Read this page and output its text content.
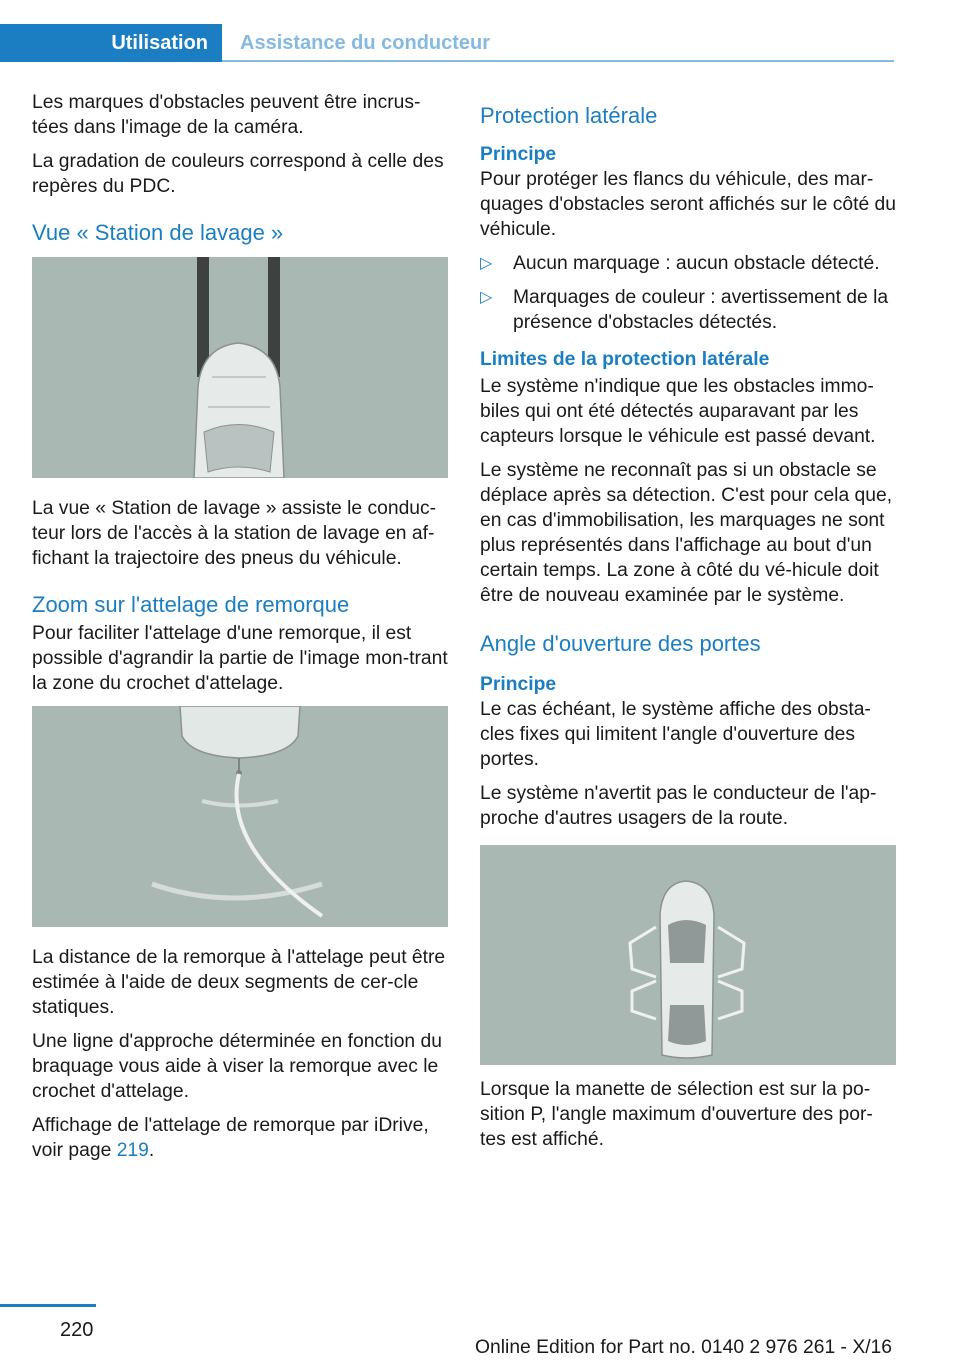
Utilisation	Assistance du conducteur

Les marques d'obstacles peuvent être incrus-tées dans l'image de la caméra.

La gradation de couleurs correspond à celle des repères du PDC.

Vue « Station de lavage »

La vue « Station de lavage » assiste le conduc-teur lors de l'accès à la station de lavage en af-fichant la trajectoire des pneus du véhicule.

Zoom sur l'attelage de remorque

Pour faciliter l'attelage d'une remorque, il est possible d'agrandir la partie de l'image mon-trant la zone du crochet d'attelage.

La distance de la remorque à l'attelage peut être estimée à l'aide de deux segments de cer-cle statiques.

Une ligne d'approche déterminée en fonction du braquage vous aide à viser la remorque avec le crochet d'attelage.

Affichage de l'attelage de remorque par iDrive, voir page 219.

Protection latérale
Principe

Pour protéger les flancs du véhicule, des mar-quages d'obstacles seront affichés sur le côté du véhicule.

▷ Aucun marquage : aucun obstacle détecté.
▷ Marquages de couleur : avertissement de la présence d'obstacles détectés.
Limites de la protection latérale

Le système n'indique que les obstacles immo-biles qui ont été détectés auparavant par les capteurs lorsque le véhicule est passé devant.

Le système ne reconnaît pas si un obstacle se déplace après sa détection. C'est pour cela que, en cas d'immobilisation, les marquages ne sont plus représentés dans l'affichage au bout d'un certain temps. La zone à côté du vé-hicule doit être de nouveau examinée par le système.

Angle d'ouverture des portes
Principe

Le cas échéant, le système affiche des obsta-cles fixes qui limitent l'angle d'ouverture des portes.

Le système n'avertit pas le conducteur de l'ap-proche d'autres usagers de la route.

Lorsque la manette de sélection est sur la po-sition P, l'angle maximum d'ouverture des por-tes est affiché.

220
Online Edition for Part no. 0140 2 976 261 - X/16
